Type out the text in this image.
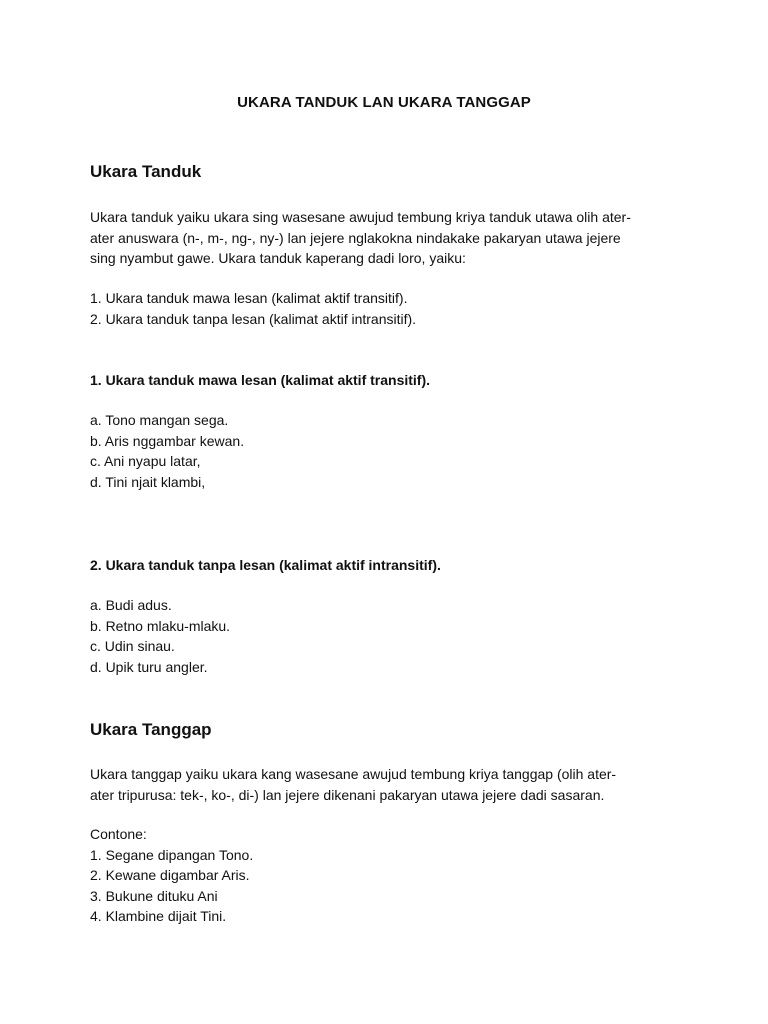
UKARA TANDUK LAN UKARA TANGGAP
Ukara Tanduk
Ukara tanduk yaiku ukara sing wasesane awujud tembung kriya tanduk utawa olih ater-
ater anuswara (n-, m-, ng-, ny-) lan jejere nglakokna nindakake pakaryan utawa jejere
sing nyambut gawe. Ukara tanduk kaperang dadi loro, yaiku:
1. Ukara tanduk mawa lesan (kalimat aktif transitif).
2. Ukara tanduk tanpa lesan (kalimat aktif intransitif).
1. Ukara tanduk mawa lesan (kalimat aktif transitif).
a. Tono mangan sega.
b. Aris nggambar kewan.
c. Ani nyapu latar,
d. Tini njait klambi,
2. Ukara tanduk tanpa lesan (kalimat aktif intransitif).
a. Budi adus.
b. Retno mlaku-mlaku.
c. Udin sinau.
d. Upik turu angler.
Ukara Tanggap
Ukara tanggap yaiku ukara kang wasesane awujud tembung kriya tanggap (olih ater-
ater tripurusa: tek-, ko-, di-) lan jejere dikenani pakaryan utawa jejere dadi sasaran.
Contone:
1. Segane dipangan Tono.
2. Kewane digambar Aris.
3. Bukune dituku Ani
4. Klambine dijait Tini.
